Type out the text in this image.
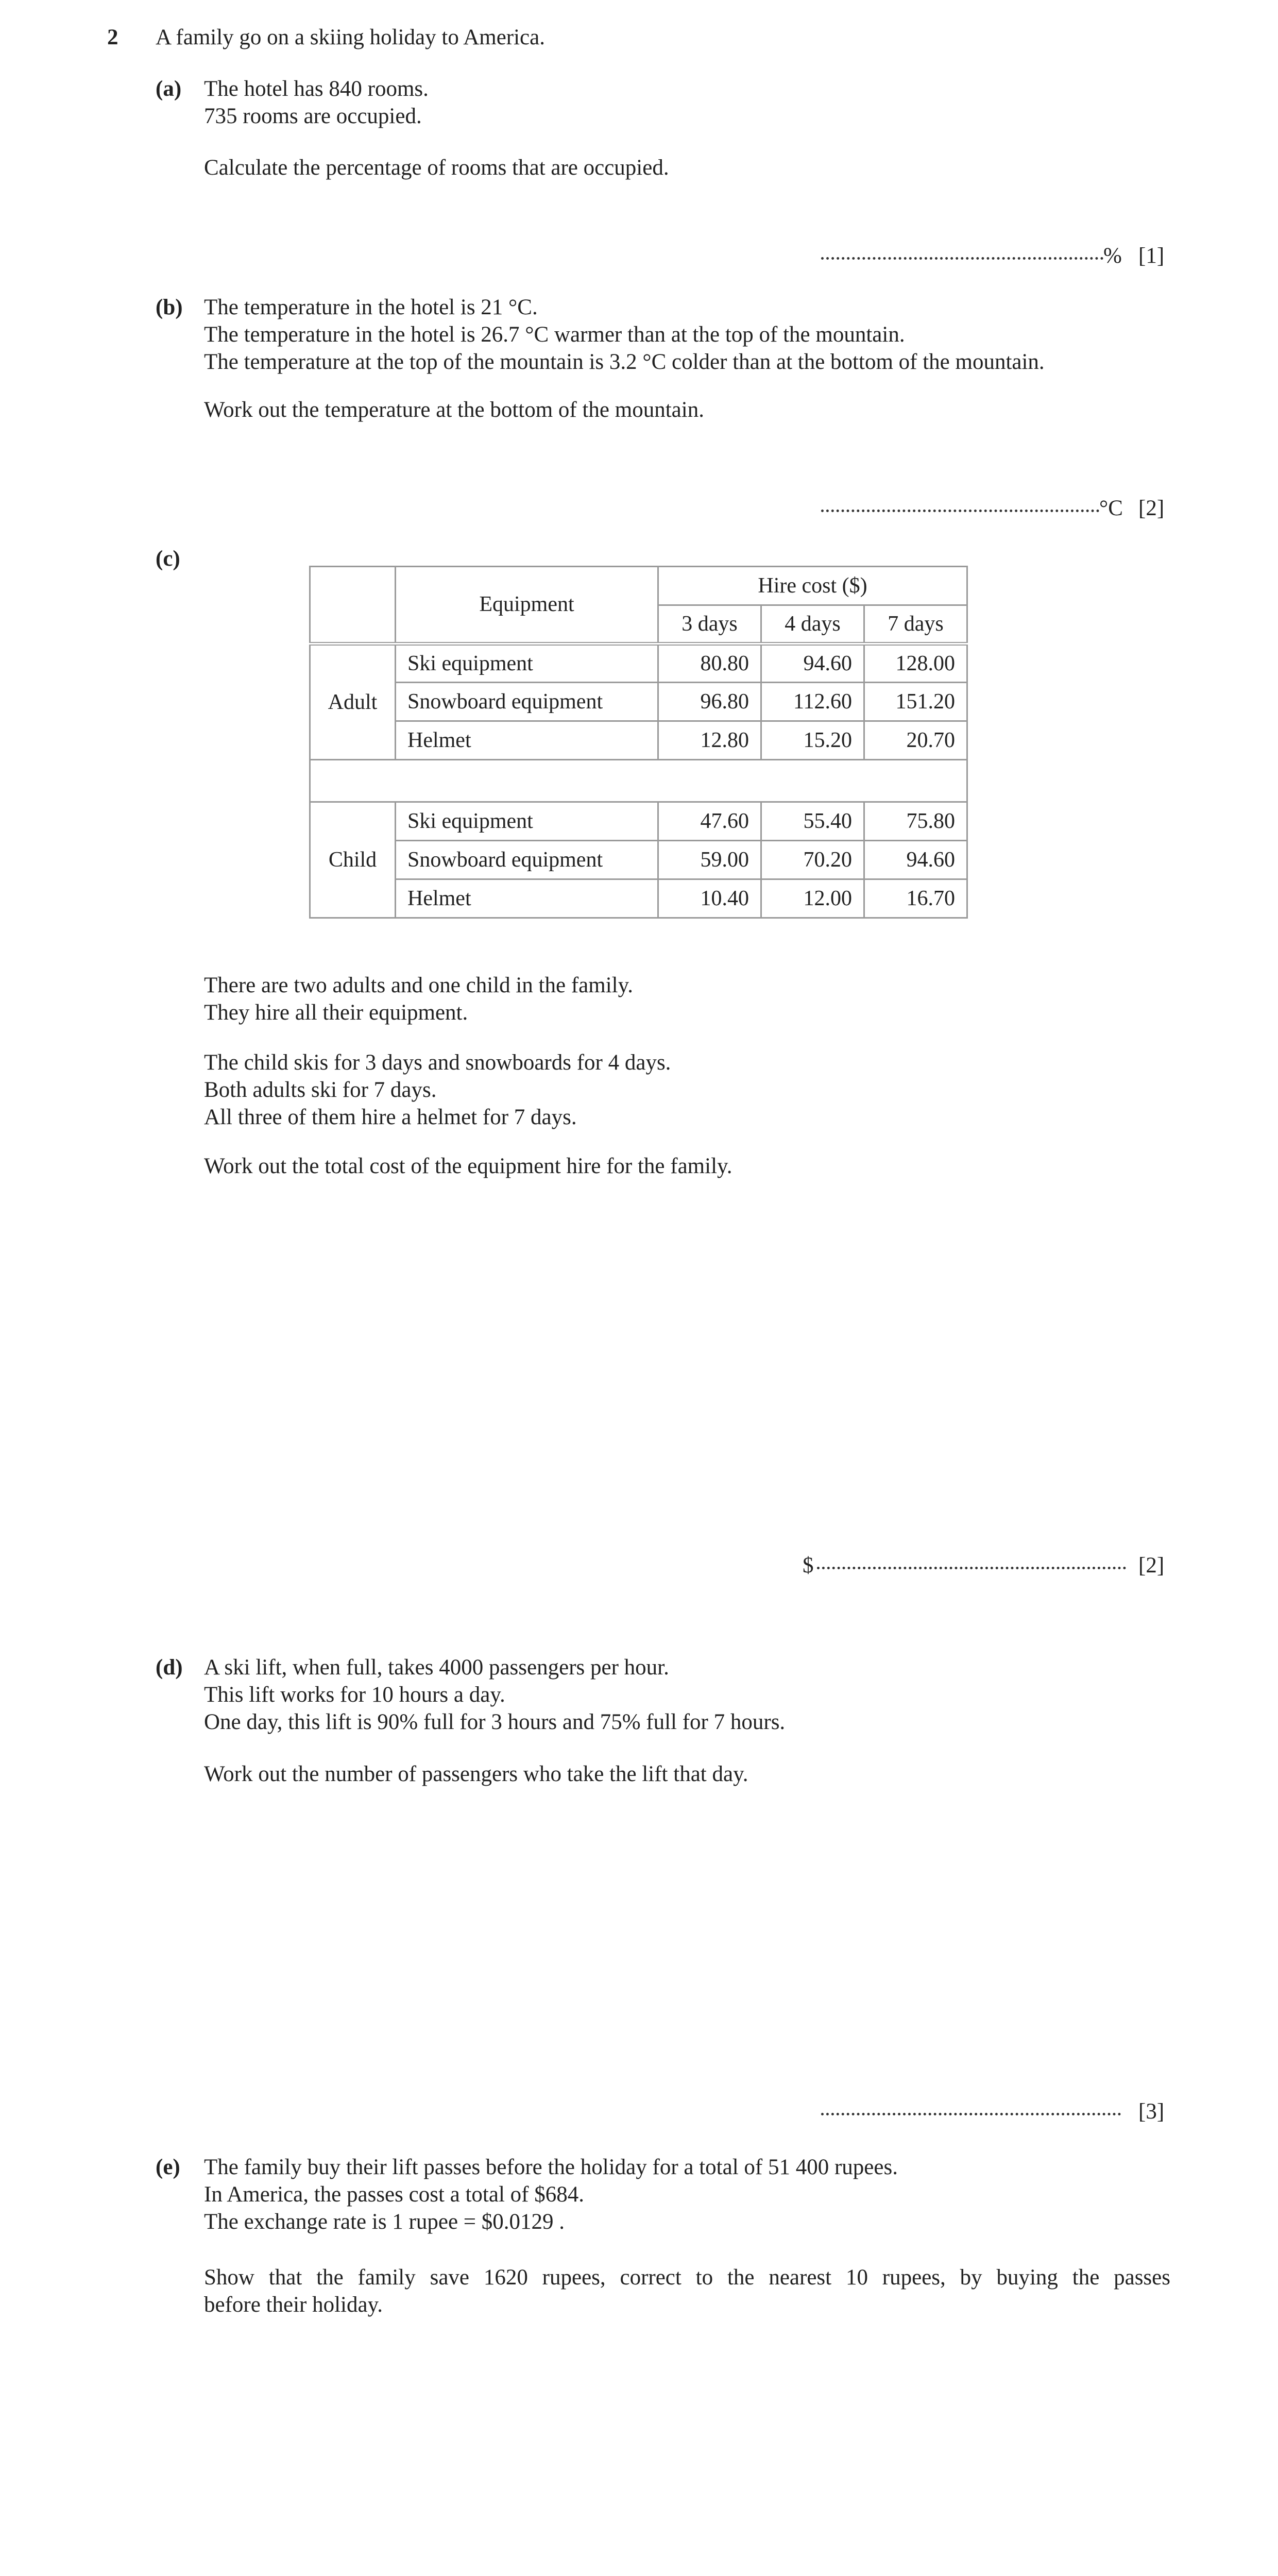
2 A family go on a skiing holiday to America.
(a) The hotel has 840 rooms.
735 rooms are occupied.
Calculate the percentage of rooms that are occupied.
% [1]
(b) The temperature in the hotel is 21 °C.
The temperature in the hotel is 26.7 °C warmer than at the top of the mountain.
The temperature at the top of the mountain is 3.2 °C colder than at the bottom of the mountain.
Work out the temperature at the bottom of the mountain.
°C [2]
(c)
	Equipment	Hire cost ($)		
		3 days	4 days	7 days
Adult	Ski equipment	80.80	94.60	128.00
	Snowboard equipment	96.80	112.60	151.20
	Helmet	12.80	15.20	20.70

Child	Ski equipment	47.60	55.40	75.80
	Snowboard equipment	59.00	70.20	94.60
	Helmet	10.40	12.00	16.70
There are two adults and one child in the family.
They hire all their equipment.
The child skis for 3 days and snowboards for 4 days.
Both adults ski for 7 days.
All three of them hire a helmet for 7 days.
Work out the total cost of the equipment hire for the family.
$	[2]
(d) A ski lift, when full, takes 4000 passengers per hour.
This lift works for 10 hours a day.
One day, this lift is 90% full for 3 hours and 75% full for 7 hours.
Work out the number of passengers who take the lift that day.
[3]
(e) The family buy their lift passes before the holiday for a total of 51 400 rupees.
In America, the passes cost a total of $684.
The exchange rate is 1 rupee = $0.0129 .
Show that the family save 1620 rupees, correct to the nearest 10 rupees, by buying the passes
before their holiday.
